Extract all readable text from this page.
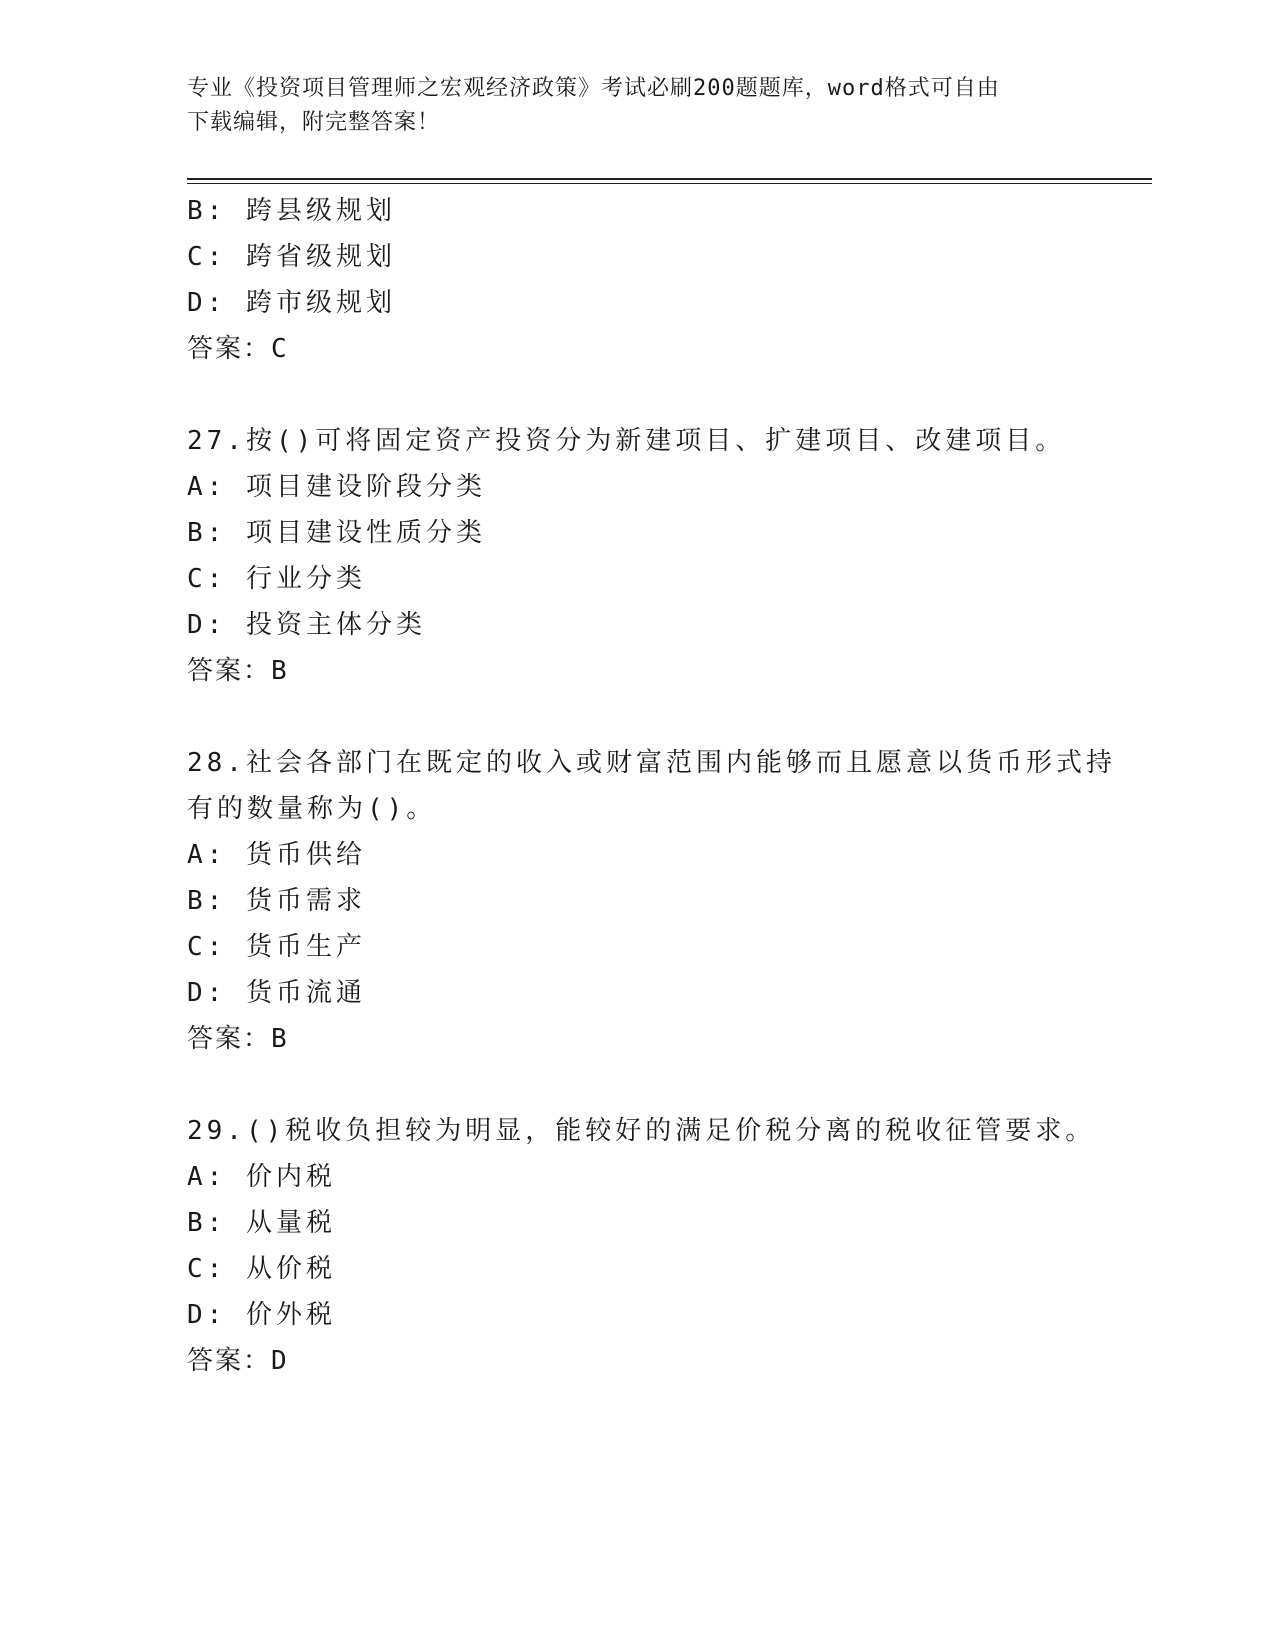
专业《投资项目管理师之宏观经济政策》考试必刷200题题库，word格式可自由
下载编辑，附完整答案！
B: 跨县级规划
C: 跨省级规划
D: 跨市级规划
答案：C
27.按()可将固定资产投资分为新建项目、扩建项目、改建项目。
A: 项目建设阶段分类
B: 项目建设性质分类
C: 行业分类
D: 投资主体分类
答案：B
28.社会各部门在既定的收入或财富范围内能够而且愿意以货币形式持
有的数量称为()。
A: 货币供给
B: 货币需求
C: 货币生产
D: 货币流通
答案：B
29.()税收负担较为明显，能较好的满足价税分离的税收征管要求。
A: 价内税
B: 从量税
C: 从价税
D: 价外税
答案：D
